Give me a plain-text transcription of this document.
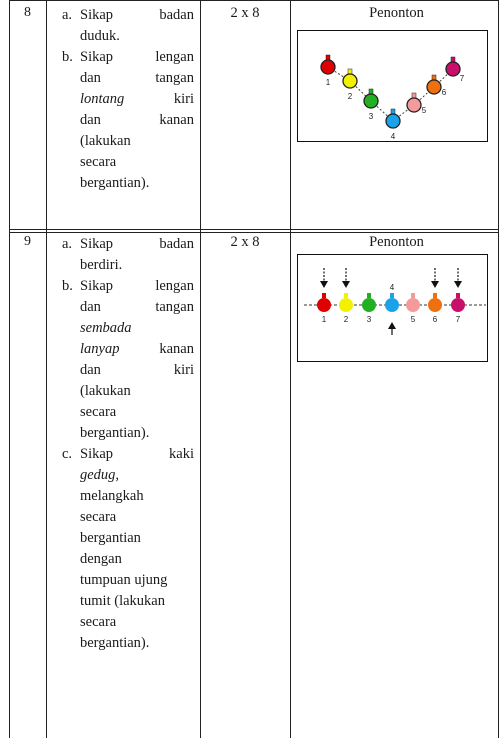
8 a. Sikap badan
duduk.
b. Sikap lengan
dan tangan
lontang kiri
dan kanan
(lakukan
secara
bergantian).
2 x 8	Penonton
1
2
3
4
5
6
7
9 a. Sikap badan
berdiri.
b. Sikap lengan
dan tangan
sembada
lanyap kanan
dan kiri
(lakukan
secara
bergantian).
c. Sikap kaki
gedug,
melangkah
secara
bergantian
dengan
tumpuan ujung
tumit (lakukan
secara
bergantian).
2 x 8	Penonton
1 2 3
4
5 6 7
